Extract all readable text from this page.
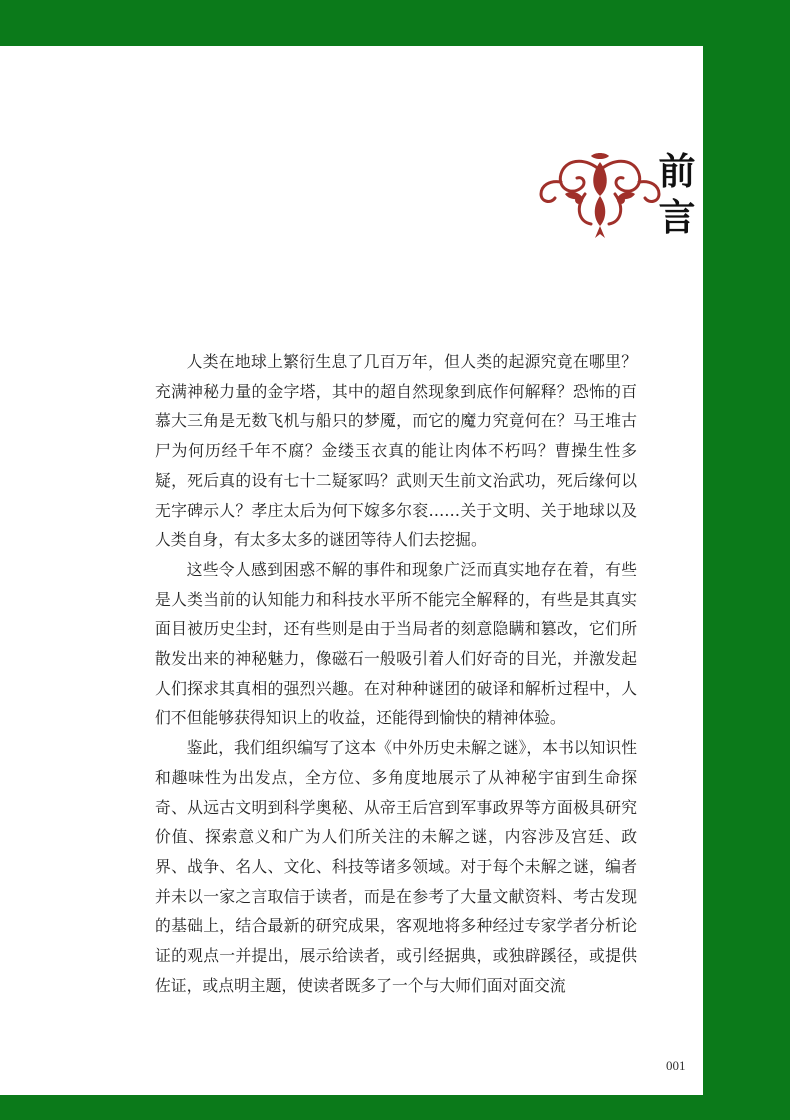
前
言

人类在地球上繁衍生息了几百万年，但人类的起源究竟在哪里？充满神秘力量的金字塔，其中的超自然现象到底作何解释？恐怖的百慕大三角是无数飞机与船只的梦魇，而它的魔力究竟何在？马王堆古尸为何历经千年不腐？金缕玉衣真的能让肉体不朽吗？曹操生性多疑，死后真的设有七十二疑冢吗？武则天生前文治武功，死后缘何以无字碑示人？孝庄太后为何下嫁多尔衮……关于文明、关于地球以及人类自身，有太多太多的谜团等待人们去挖掘。

这些令人感到困惑不解的事件和现象广泛而真实地存在着，有些是人类当前的认知能力和科技水平所不能完全解释的，有些是其真实面目被历史尘封，还有些则是由于当局者的刻意隐瞒和篡改，它们所散发出来的神秘魅力，像磁石一般吸引着人们好奇的目光，并激发起人们探求其真相的强烈兴趣。在对种种谜团的破译和解析过程中，人们不但能够获得知识上的收益，还能得到愉快的精神体验。

鉴此，我们组织编写了这本《中外历史未解之谜》，本书以知识性和趣味性为出发点，全方位、多角度地展示了从神秘宇宙到生命探奇、从远古文明到科学奥秘、从帝王后宫到军事政界等方面极具研究价值、探索意义和广为人们所关注的未解之谜，内容涉及宫廷、政界、战争、名人、文化、科技等诸多领域。对于每个未解之谜，编者并未以一家之言取信于读者，而是在参考了大量文献资料、考古发现的基础上，结合最新的研究成果，客观地将多种经过专家学者分析论证的观点一并提出，展示给读者，或引经据典，或独辟蹊径，或提供佐证，或点明主题，使读者既多了一个与大师们面对面交流

001
